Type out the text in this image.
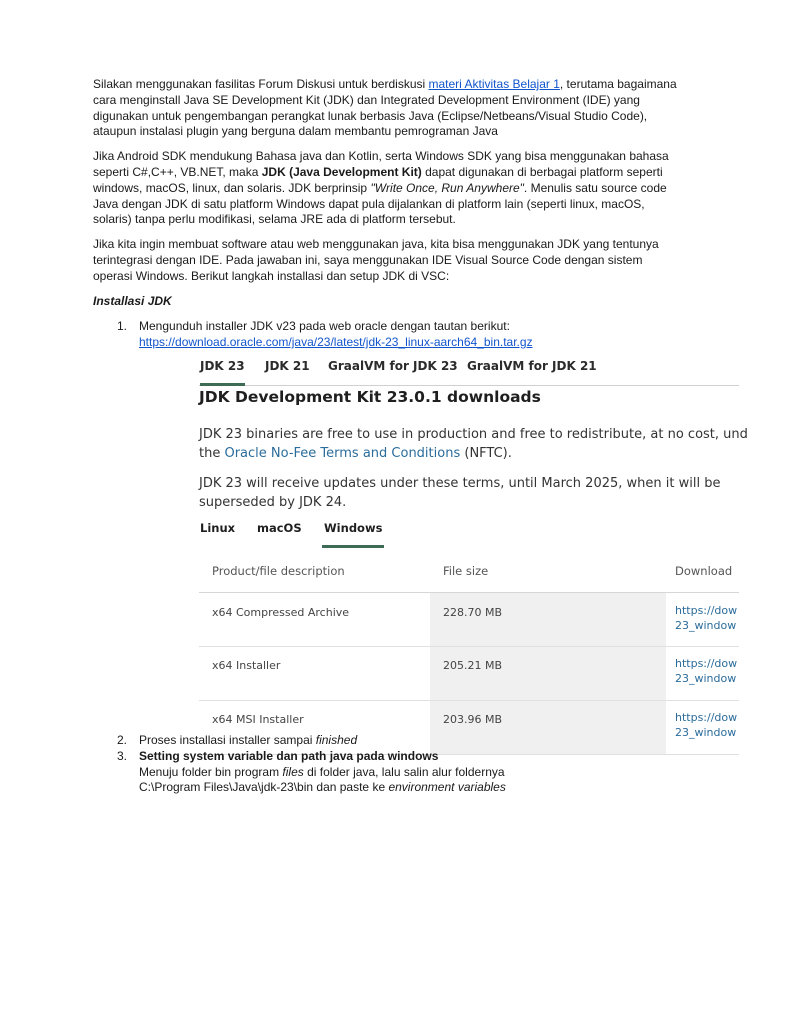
Silakan menggunakan fasilitas Forum Diskusi untuk berdiskusi materi Aktivitas Belajar 1, terutama bagaimana cara menginstall Java SE Development Kit (JDK) dan Integrated Development Environment (IDE) yang digunakan untuk pengembangan perangkat lunak berbasis Java (Eclipse/Netbeans/Visual Studio Code), ataupun instalasi plugin yang berguna dalam membantu pemrograman Java

Jika Android SDK mendukung Bahasa java dan Kotlin, serta Windows SDK yang bisa menggunakan bahasa seperti C#,C++, VB.NET, maka JDK (Java Development Kit) dapat digunakan di berbagai platform seperti windows, macOS, linux, dan solaris. JDK berprinsip "Write Once, Run Anywhere". Menulis satu source code Java dengan JDK di satu platform Windows dapat pula dijalankan di platform lain (seperti linux, macOS, solaris) tanpa perlu modifikasi, selama JRE ada di platform tersebut.

Jika kita ingin membuat software atau web menggunakan java, kita bisa menggunakan JDK yang tentunya terintegrasi dengan IDE. Pada jawaban ini, saya menggunakan IDE Visual Source Code dengan sistem operasi Windows. Berikut langkah installasi dan setup JDK di VSC:

Installasi JDK
1. Mengunduh installer JDK v23 pada web oracle dengan tautan berikut:
https://download.oracle.com/java/23/latest/jdk-23_linux-aarch64_bin.tar.gz
JDK 23 JDK 21 GraalVM for JDK 23 GraalVM for JDK 21
JDK Development Kit 23.0.1 downloads
JDK 23 binaries are free to use in production and free to redistribute, at no cost, und
the Oracle No-Fee Terms and Conditions (NFTC).
JDK 23 will receive updates under these terms, until March 2025, when it will be
superseded by JDK 24.
Linux macOS Windows
Product/file description	File size	Download
x64 Compressed Archive	228.70 MB	https://dow
23_window
x64 Installer	205.21 MB	https://dow
23_window
x64 MSI Installer	203.96 MB	https://dow
23_window
2. Proses installasi installer sampai finished
3. Setting system variable dan path java pada windows
Menuju folder bin program files di folder java, lalu salin alur foldernya
C:\Program Files\Java\jdk-23\bin dan paste ke environment variables
